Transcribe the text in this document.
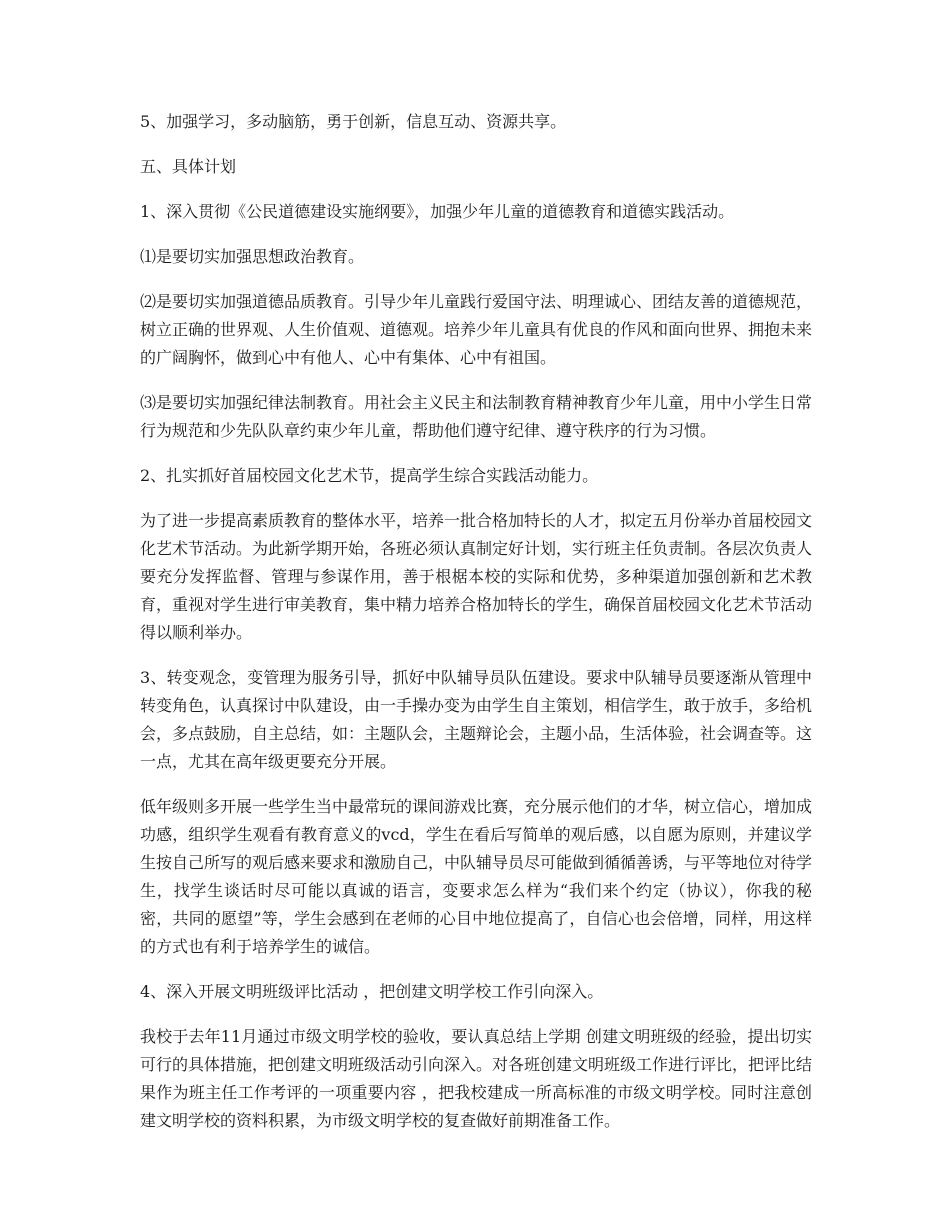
5、加强学习，多动脑筋，勇于创新，信息互动、资源共享。

五、具体计划

1、深入贯彻《公民道德建设实施纲要》，加强少年儿童的道德教育和道德实践活动。

⑴是要切实加强思想政治教育。

⑵是要切实加强道德品质教育。引导少年儿童践行爱国守法、明理诚心、团结友善的道德规范，树立正确的世界观、人生价值观、道德观。培养少年儿童具有优良的作风和面向世界、拥抱未来的广阔胸怀，做到心中有他人、心中有集体、心中有祖国。

⑶是要切实加强纪律法制教育。用社会主义民主和法制教育精神教育少年儿童，用中小学生日常行为规范和少先队队章约束少年儿童，帮助他们遵守纪律、遵守秩序的行为习惯。

2、扎实抓好首届校园文化艺术节，提高学生综合实践活动能力。

为了进一步提高素质教育的整体水平，培养一批合格加特长的人才，拟定五月份举办首届校园文化艺术节活动。为此新学期开始，各班必须认真制定好计划，实行班主任负责制。各层次负责人要充分发挥监督、管理与参谋作用，善于根椐本校的实际和优势，多种渠道加强创新和艺术教育，重视对学生进行审美教育，集中精力培养合格加特长的学生，确保首届校园文化艺术节活动得以顺利举办。

3、转变观念，变管理为服务引导，抓好中队辅导员队伍建设。要求中队辅导员要逐渐从管理中转变角色，认真探讨中队建设，由一手操办变为由学生自主策划，相信学生，敢于放手，多给机会，多点鼓励，自主总结，如：主题队会，主题辩论会，主题小品，生活体验，社会调查等。这一点，尤其在高年级更要充分开展。

低年级则多开展一些学生当中最常玩的课间游戏比赛，充分展示他们的才华，树立信心，增加成功感，组织学生观看有教育意义的vcd，学生在看后写简单的观后感，以自愿为原则，并建议学生按自己所写的观后感来要求和激励自己，中队辅导员尽可能做到循循善诱，与平等地位对待学生，找学生谈话时尽可能以真诚的语言，变要求怎么样为“我们来个约定（协议），你我的秘密，共同的愿望”等，学生会感到在老师的心目中地位提高了，自信心也会倍增，同样，用这样的方式也有利于培养学生的诚信。

4、深入开展文明班级评比活动 ，把创建文明学校工作引向深入。

我校于去年11月通过市级文明学校的验收，要认真总结上学期 创建文明班级的经验，提出切实可行的具体措施，把创建文明班级活动引向深入。对各班创建文明班级工作进行评比，把评比结果作为班主任工作考评的一项重要内容 ，把我校建成一所高标准的市级文明学校。同时注意创建文明学校的资料积累，为市级文明学校的复查做好前期准备工作。
